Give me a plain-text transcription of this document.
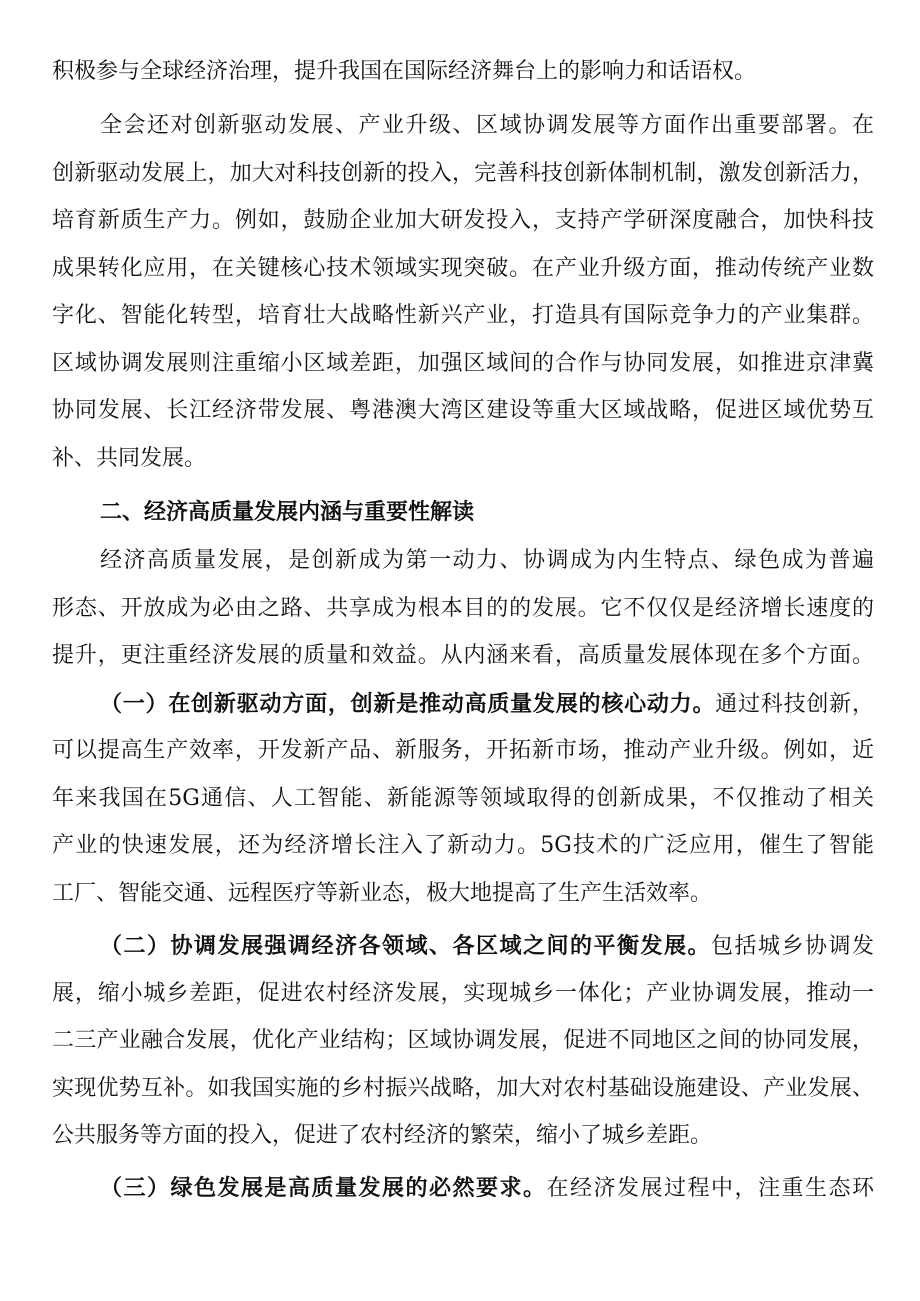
积极参与全球经济治理，提升我国在国际经济舞台上的影响力和话语权。
全会还对创新驱动发展、产业升级、区域协调发展等方面作出重要部署。在
创新驱动发展上，加大对科技创新的投入，完善科技创新体制机制，激发创新活力，
培育新质生产力。例如，鼓励企业加大研发投入，支持产学研深度融合，加快科技
成果转化应用，在关键核心技术领域实现突破。在产业升级方面，推动传统产业数
字化、智能化转型，培育壮大战略性新兴产业，打造具有国际竞争力的产业集群。
区域协调发展则注重缩小区域差距，加强区域间的合作与协同发展，如推进京津冀
协同发展、长江经济带发展、粤港澳大湾区建设等重大区域战略，促进区域优势互
补、共同发展。
二、经济高质量发展内涵与重要性解读
经济高质量发展，是创新成为第一动力、协调成为内生特点、绿色成为普遍
形态、开放成为必由之路、共享成为根本目的的发展。它不仅仅是经济增长速度的
提升，更注重经济发展的质量和效益。从内涵来看，高质量发展体现在多个方面。
（一）在创新驱动方面，创新是推动高质量发展的核心动力。通过科技创新，
可以提高生产效率，开发新产品、新服务，开拓新市场，推动产业升级。例如，近
年来我国在5G通信、人工智能、新能源等领域取得的创新成果，不仅推动了相关
产业的快速发展，还为经济增长注入了新动力。5G技术的广泛应用，催生了智能
工厂、智能交通、远程医疗等新业态，极大地提高了生产生活效率。
（二）协调发展强调经济各领域、各区域之间的平衡发展。包括城乡协调发
展，缩小城乡差距，促进农村经济发展，实现城乡一体化；产业协调发展，推动一
二三产业融合发展，优化产业结构；区域协调发展，促进不同地区之间的协同发展，
实现优势互补。如我国实施的乡村振兴战略，加大对农村基础设施建设、产业发展、
公共服务等方面的投入，促进了农村经济的繁荣，缩小了城乡差距。
（三）绿色发展是高质量发展的必然要求。在经济发展过程中，注重生态环
